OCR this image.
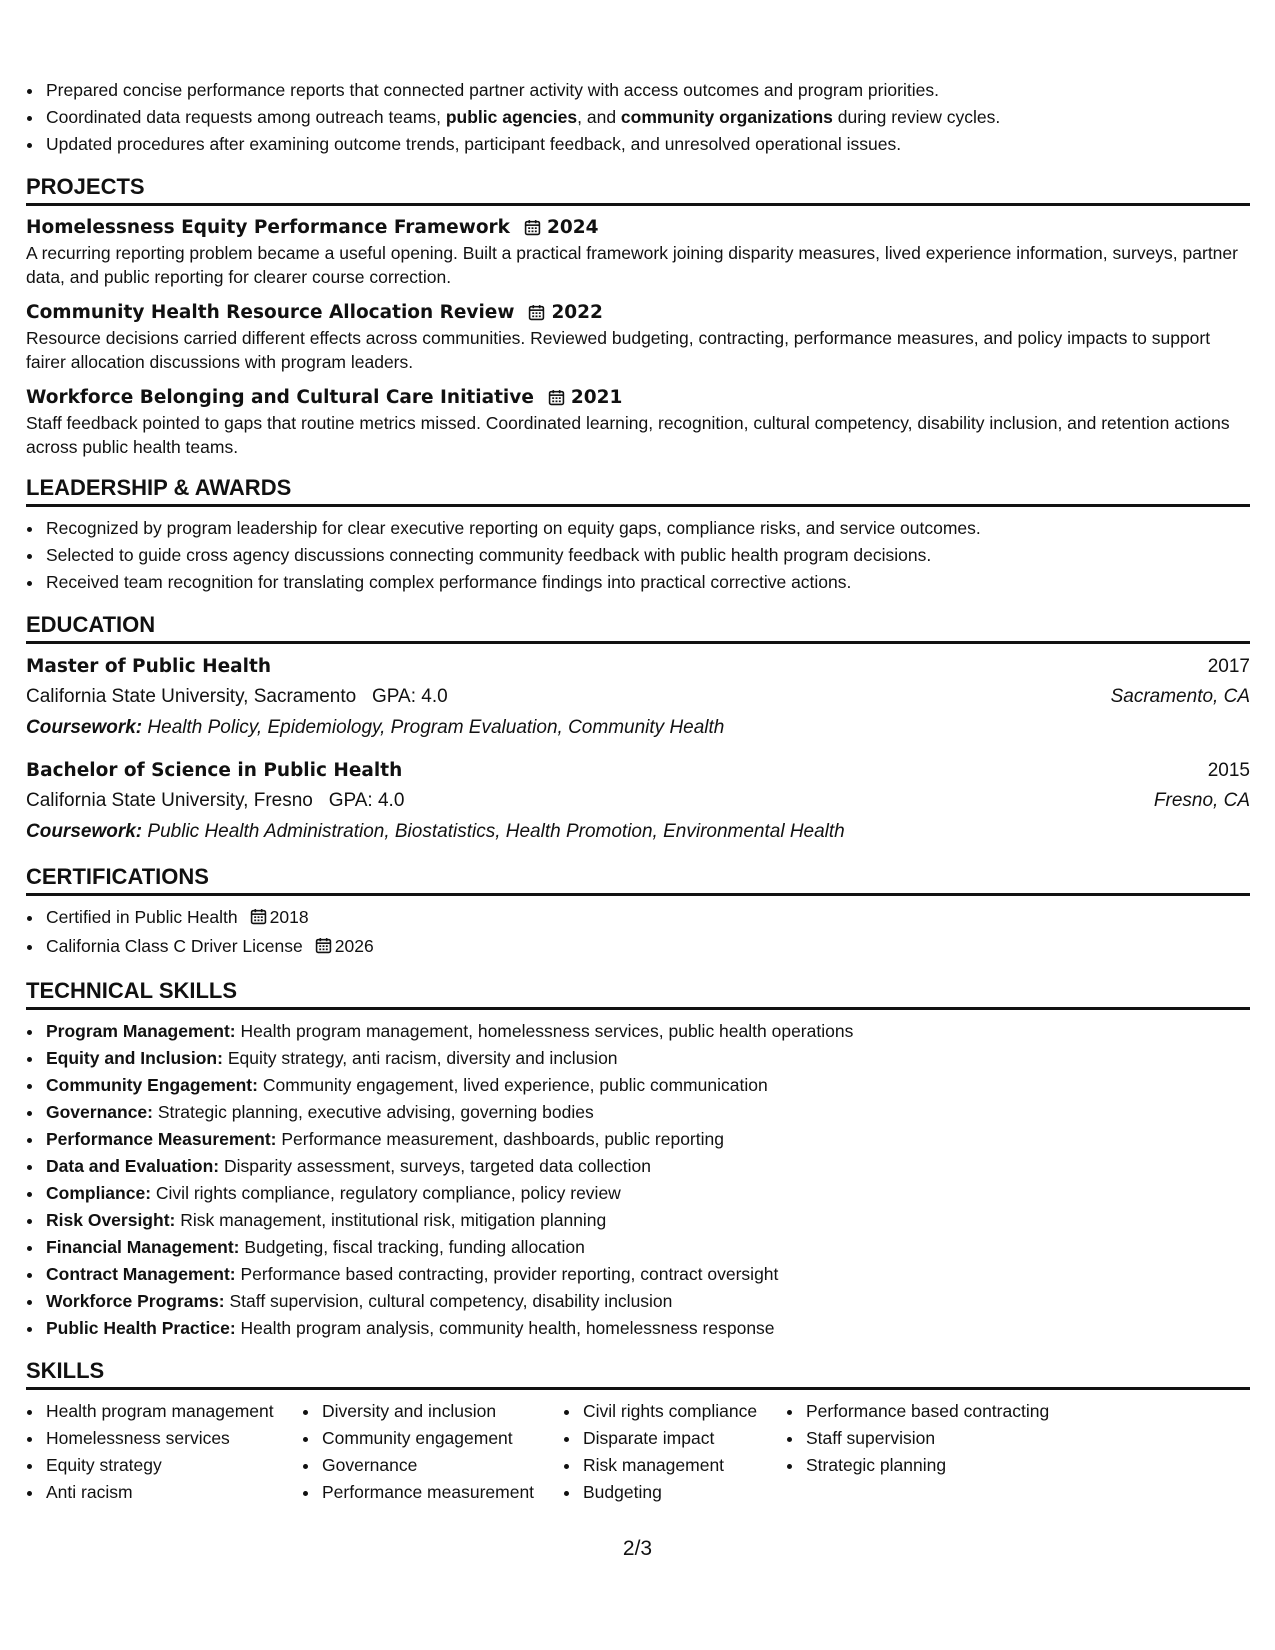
• Prepared concise performance reports that connected partner activity with access outcomes and program priorities.
• Coordinated data requests among outreach teams, public agencies, and community organizations during review cycles.
• Updated procedures after examining outcome trends, participant feedback, and unresolved operational issues.
PROJECTS
Homelessness Equity Performance Framework 2024
A recurring reporting problem became a useful opening. Built a practical framework joining disparity measures, lived experience information, surveys, partner data, and public reporting for clearer course correction.
Community Health Resource Allocation Review 2022
Resource decisions carried different effects across communities. Reviewed budgeting, contracting, performance measures, and policy impacts to support fairer allocation discussions with program leaders.
Workforce Belonging and Cultural Care Initiative 2021
Staff feedback pointed to gaps that routine metrics missed. Coordinated learning, recognition, cultural competency, disability inclusion, and retention actions across public health teams.
LEADERSHIP & AWARDS
• Recognized by program leadership for clear executive reporting on equity gaps, compliance risks, and service outcomes.
• Selected to guide cross agency discussions connecting community feedback with public health program decisions.
• Received team recognition for translating complex performance findings into practical corrective actions.
EDUCATION
Master of Public Health	2017
California State University, Sacramento GPA: 4.0	Sacramento, CA
Coursework: Health Policy, Epidemiology, Program Evaluation, Community Health
Bachelor of Science in Public Health	2015
California State University, Fresno GPA: 4.0	Fresno, CA
Coursework: Public Health Administration, Biostatistics, Health Promotion, Environmental Health
CERTIFICATIONS
• Certified in Public Health 2018
• California Class C Driver License 2026
TECHNICAL SKILLS
• Program Management: Health program management, homelessness services, public health operations
• Equity and Inclusion: Equity strategy, anti racism, diversity and inclusion
• Community Engagement: Community engagement, lived experience, public communication
• Governance: Strategic planning, executive advising, governing bodies
• Performance Measurement: Performance measurement, dashboards, public reporting
• Data and Evaluation: Disparity assessment, surveys, targeted data collection
• Compliance: Civil rights compliance, regulatory compliance, policy review
• Risk Oversight: Risk management, institutional risk, mitigation planning
• Financial Management: Budgeting, fiscal tracking, funding allocation
• Contract Management: Performance based contracting, provider reporting, contract oversight
• Workforce Programs: Staff supervision, cultural competency, disability inclusion
• Public Health Practice: Health program analysis, community health, homelessness response
SKILLS
• Health program management
• Homelessness services
• Equity strategy
• Anti racism
• Diversity and inclusion
• Community engagement
• Governance
• Performance measurement
• Civil rights compliance
• Disparate impact
• Risk management
• Budgeting
• Performance based contracting
• Staff supervision
• Strategic planning
2/3
